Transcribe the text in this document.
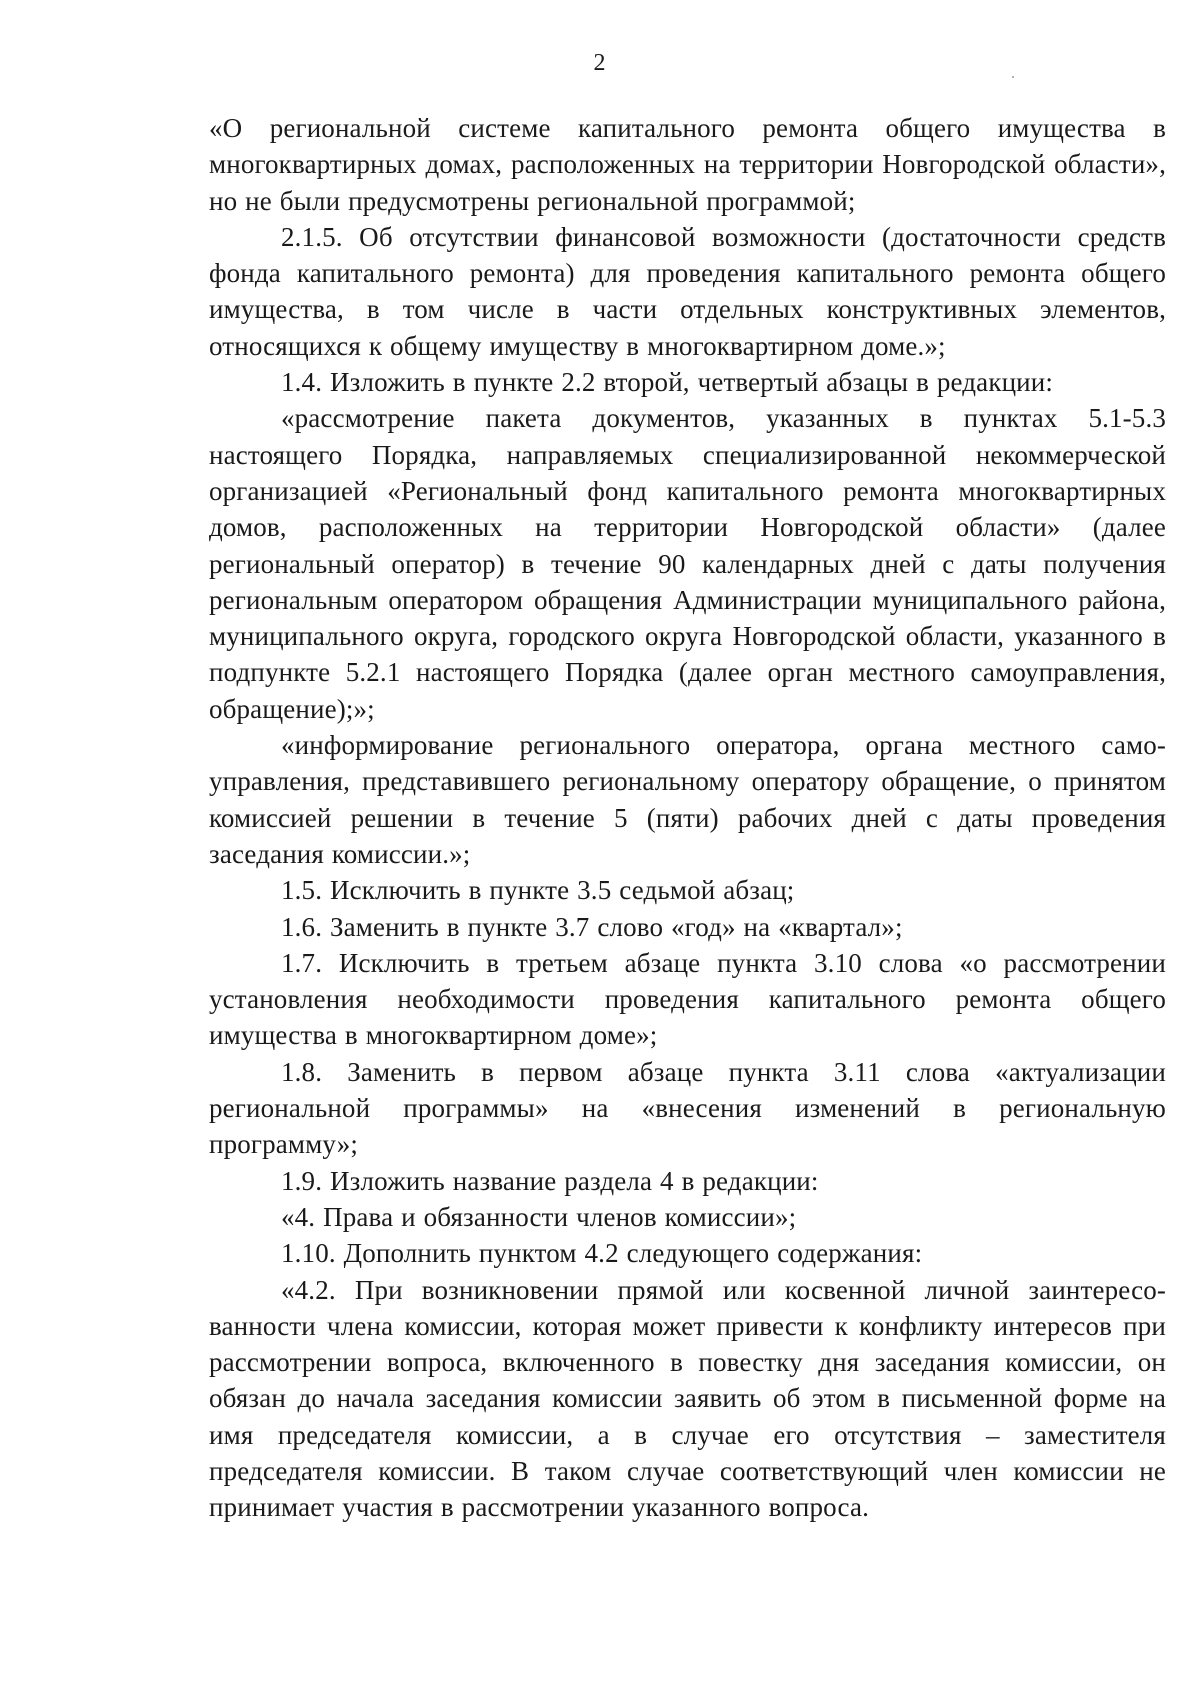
2

«О региональной системе капитального ремонта общего имущества в многоквартирных домах, расположенных на территории Новгородской области», но не были предусмотрены региональной программой;

2.1.5. Об отсутствии финансовой возможности (достаточности средств фонда капитального ремонта) для проведения капитального ремонта общего имущества, в том числе в части отдельных конструктивных элементов, относящихся к общему имуществу в многоквартирном доме.»;

1.4. Изложить в пункте 2.2 второй, четвертый абзацы в редакции:

«рассмотрение пакета документов, указанных в пунктах 5.1-5.3 настоящего Порядка, направляемых специализированной некоммерческой организацией «Региональный фонд капитального ремонта многоквартирных домов, расположенных на территории Новгородской области» (далее региональный оператор) в течение 90 календарных дней с даты получения региональным оператором обращения Администрации муниципального района, муниципального округа, городского округа Новгородской области, указанного в подпункте 5.2.1 настоящего Порядка (далее орган местного самоуправления, обращение);»;

«информирование регионального оператора, органа местного само-управления, представившего региональному оператору обращение, о принятом комиссией решении в течение 5 (пяти) рабочих дней с даты проведения заседания комиссии.»;

1.5. Исключить в пункте 3.5 седьмой абзац;

1.6. Заменить в пункте 3.7 слово «год» на «квартал»;

1.7. Исключить в третьем абзаце пункта 3.10 слова «о рассмотрении установления необходимости проведения капитального ремонта общего имущества в многоквартирном доме»;

1.8. Заменить в первом абзаце пункта 3.11 слова «актуализации региональной программы» на «внесения изменений в региональную программу»;

1.9. Изложить название раздела 4 в редакции:

«4. Права и обязанности членов комиссии»;

1.10. Дополнить пунктом 4.2 следующего содержания:

«4.2. При возникновении прямой или косвенной личной заинтересо-ванности члена комиссии, которая может привести к конфликту интересов при рассмотрении вопроса, включенного в повестку дня заседания комиссии, он обязан до начала заседания комиссии заявить об этом в письменной форме на имя председателя комиссии, а в случае его отсутствия – заместителя председателя комиссии. В таком случае соответствующий член комиссии не принимает участия в рассмотрении указанного вопроса.
